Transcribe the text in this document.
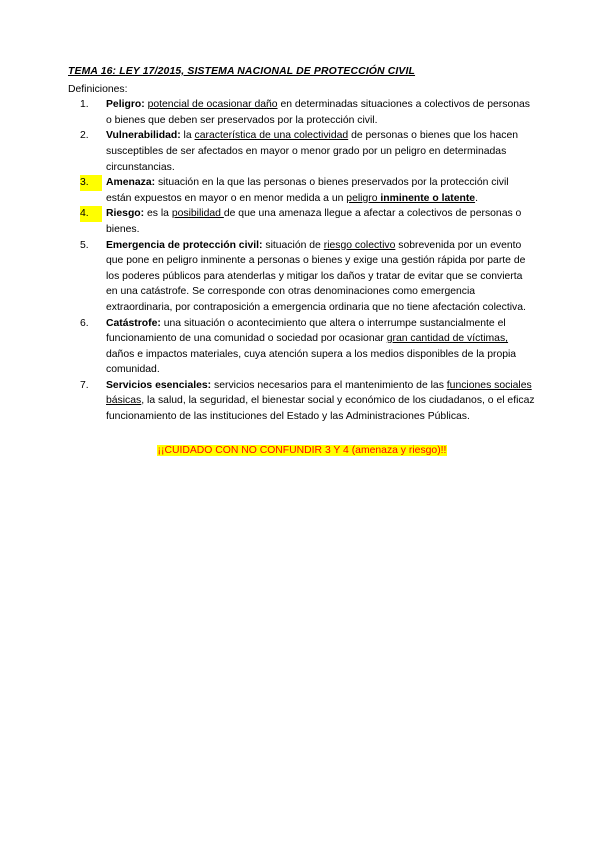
TEMA 16: LEY 17/2015, SISTEMA NACIONAL DE PROTECCIÓN CIVIL
Definiciones:
1.	Peligro: potencial de ocasionar daño en determinadas situaciones a colectivos de personas o bienes que deben ser preservados por la protección civil.
2.	Vulnerabilidad: la característica de una colectividad de personas o bienes que los hacen susceptibles de ser afectados en mayor o menor grado por un peligro en determinadas circunstancias.
3.	Amenaza: situación en la que las personas o bienes preservados por la protección civil están expuestos en mayor o en menor medida a un peligro inminente o latente.
4.	Riesgo: es la posibilidad de que una amenaza llegue a afectar a colectivos de personas o bienes.
5.	Emergencia de protección civil: situación de riesgo colectivo sobrevenida por un evento que pone en peligro inminente a personas o bienes y exige una gestión rápida por parte de los poderes públicos para atenderlas y mitigar los daños y tratar de evitar que se convierta en una catástrofe. Se corresponde con otras denominaciones como emergencia extraordinaria, por contraposición a emergencia ordinaria que no tiene afectación colectiva.
6.	Catástrofe: una situación o acontecimiento que altera o interrumpe sustancialmente el funcionamiento de una comunidad o sociedad por ocasionar gran cantidad de víctimas, daños e impactos materiales, cuya atención supera a los medios disponibles de la propia comunidad.
7.	Servicios esenciales: servicios necesarios para el mantenimiento de las funciones sociales básicas, la salud, la seguridad, el bienestar social y económico de los ciudadanos, o el eficaz funcionamiento de las instituciones del Estado y las Administraciones Públicas.
¡¡CUIDADO CON NO CONFUNDIR 3 Y 4 (amenaza y riesgo)!!
